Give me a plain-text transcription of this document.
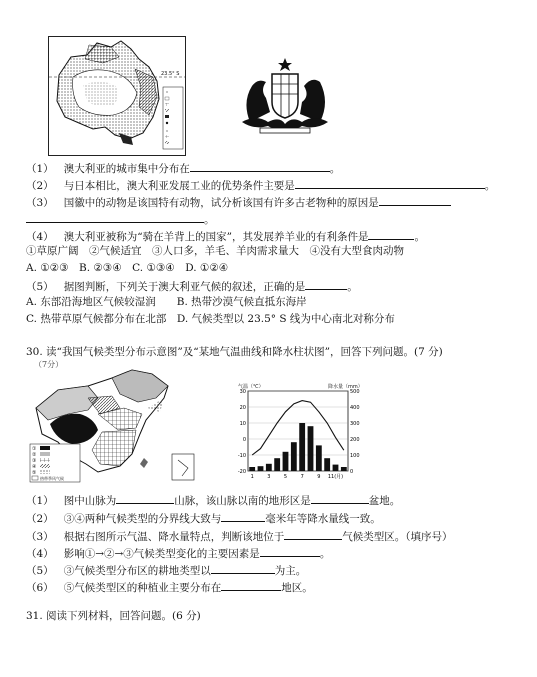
23.5° S
（1） 澳大利亚的城市集中分布在	。
（2） 与日本相比，澳大利亚发展工业的优势条件主要是	。
（3） 国徽中的动物是该国特有动物，试分析该国有许多古老物种的原因是
。
（4） 澳大利亚被称为“骑在羊背上的国家”，其发展养羊业的有利条件是	。
①草原广阔　②气候适宜　③人口多，羊毛、羊肉需求量大　④没有大型食肉动物
A. ①②③　B. ②③④　C. ①③④　D. ①②④
（5） 据图判断，下列关于澳大利亚气候的叙述，正确的是	。
A. 东部沿海地区气候较湿润　　B. 热带沙漠气候直抵东海岸
C. 热带草原气候都分布在北部　D. 气候类型以 23.5° S 线为中心南北对称分布
30. 读“我国气候类型分布示意图”及“某地气温曲线和降水柱状图”，回答下列问题。(7 分)
（7分）
①
②
③
④
⑤
热带季风气候
气温（℃）	降水量（mm）
30
20
10
0
-10
-20
500
400
300
200
100
0
1	3	5	7	9 11(月)
（1） 图中山脉为	山脉，该山脉以南的地形区是	盆地。
（2） ③④两种气候类型的分界线大致与	毫米年等降水量线一致。
（3） 根据右图所示气温、降水量特点，判断该地位于	气候类型区。（填序号）
（4） 影响①→②→③气候类型变化的主要因素是	。
（5） ③气候类型分布区的耕地类型以	为主。
（6） ⑤气候类型区的种植业主要分布在	地区。
31. 阅读下列材料，回答问题。(6 分)
